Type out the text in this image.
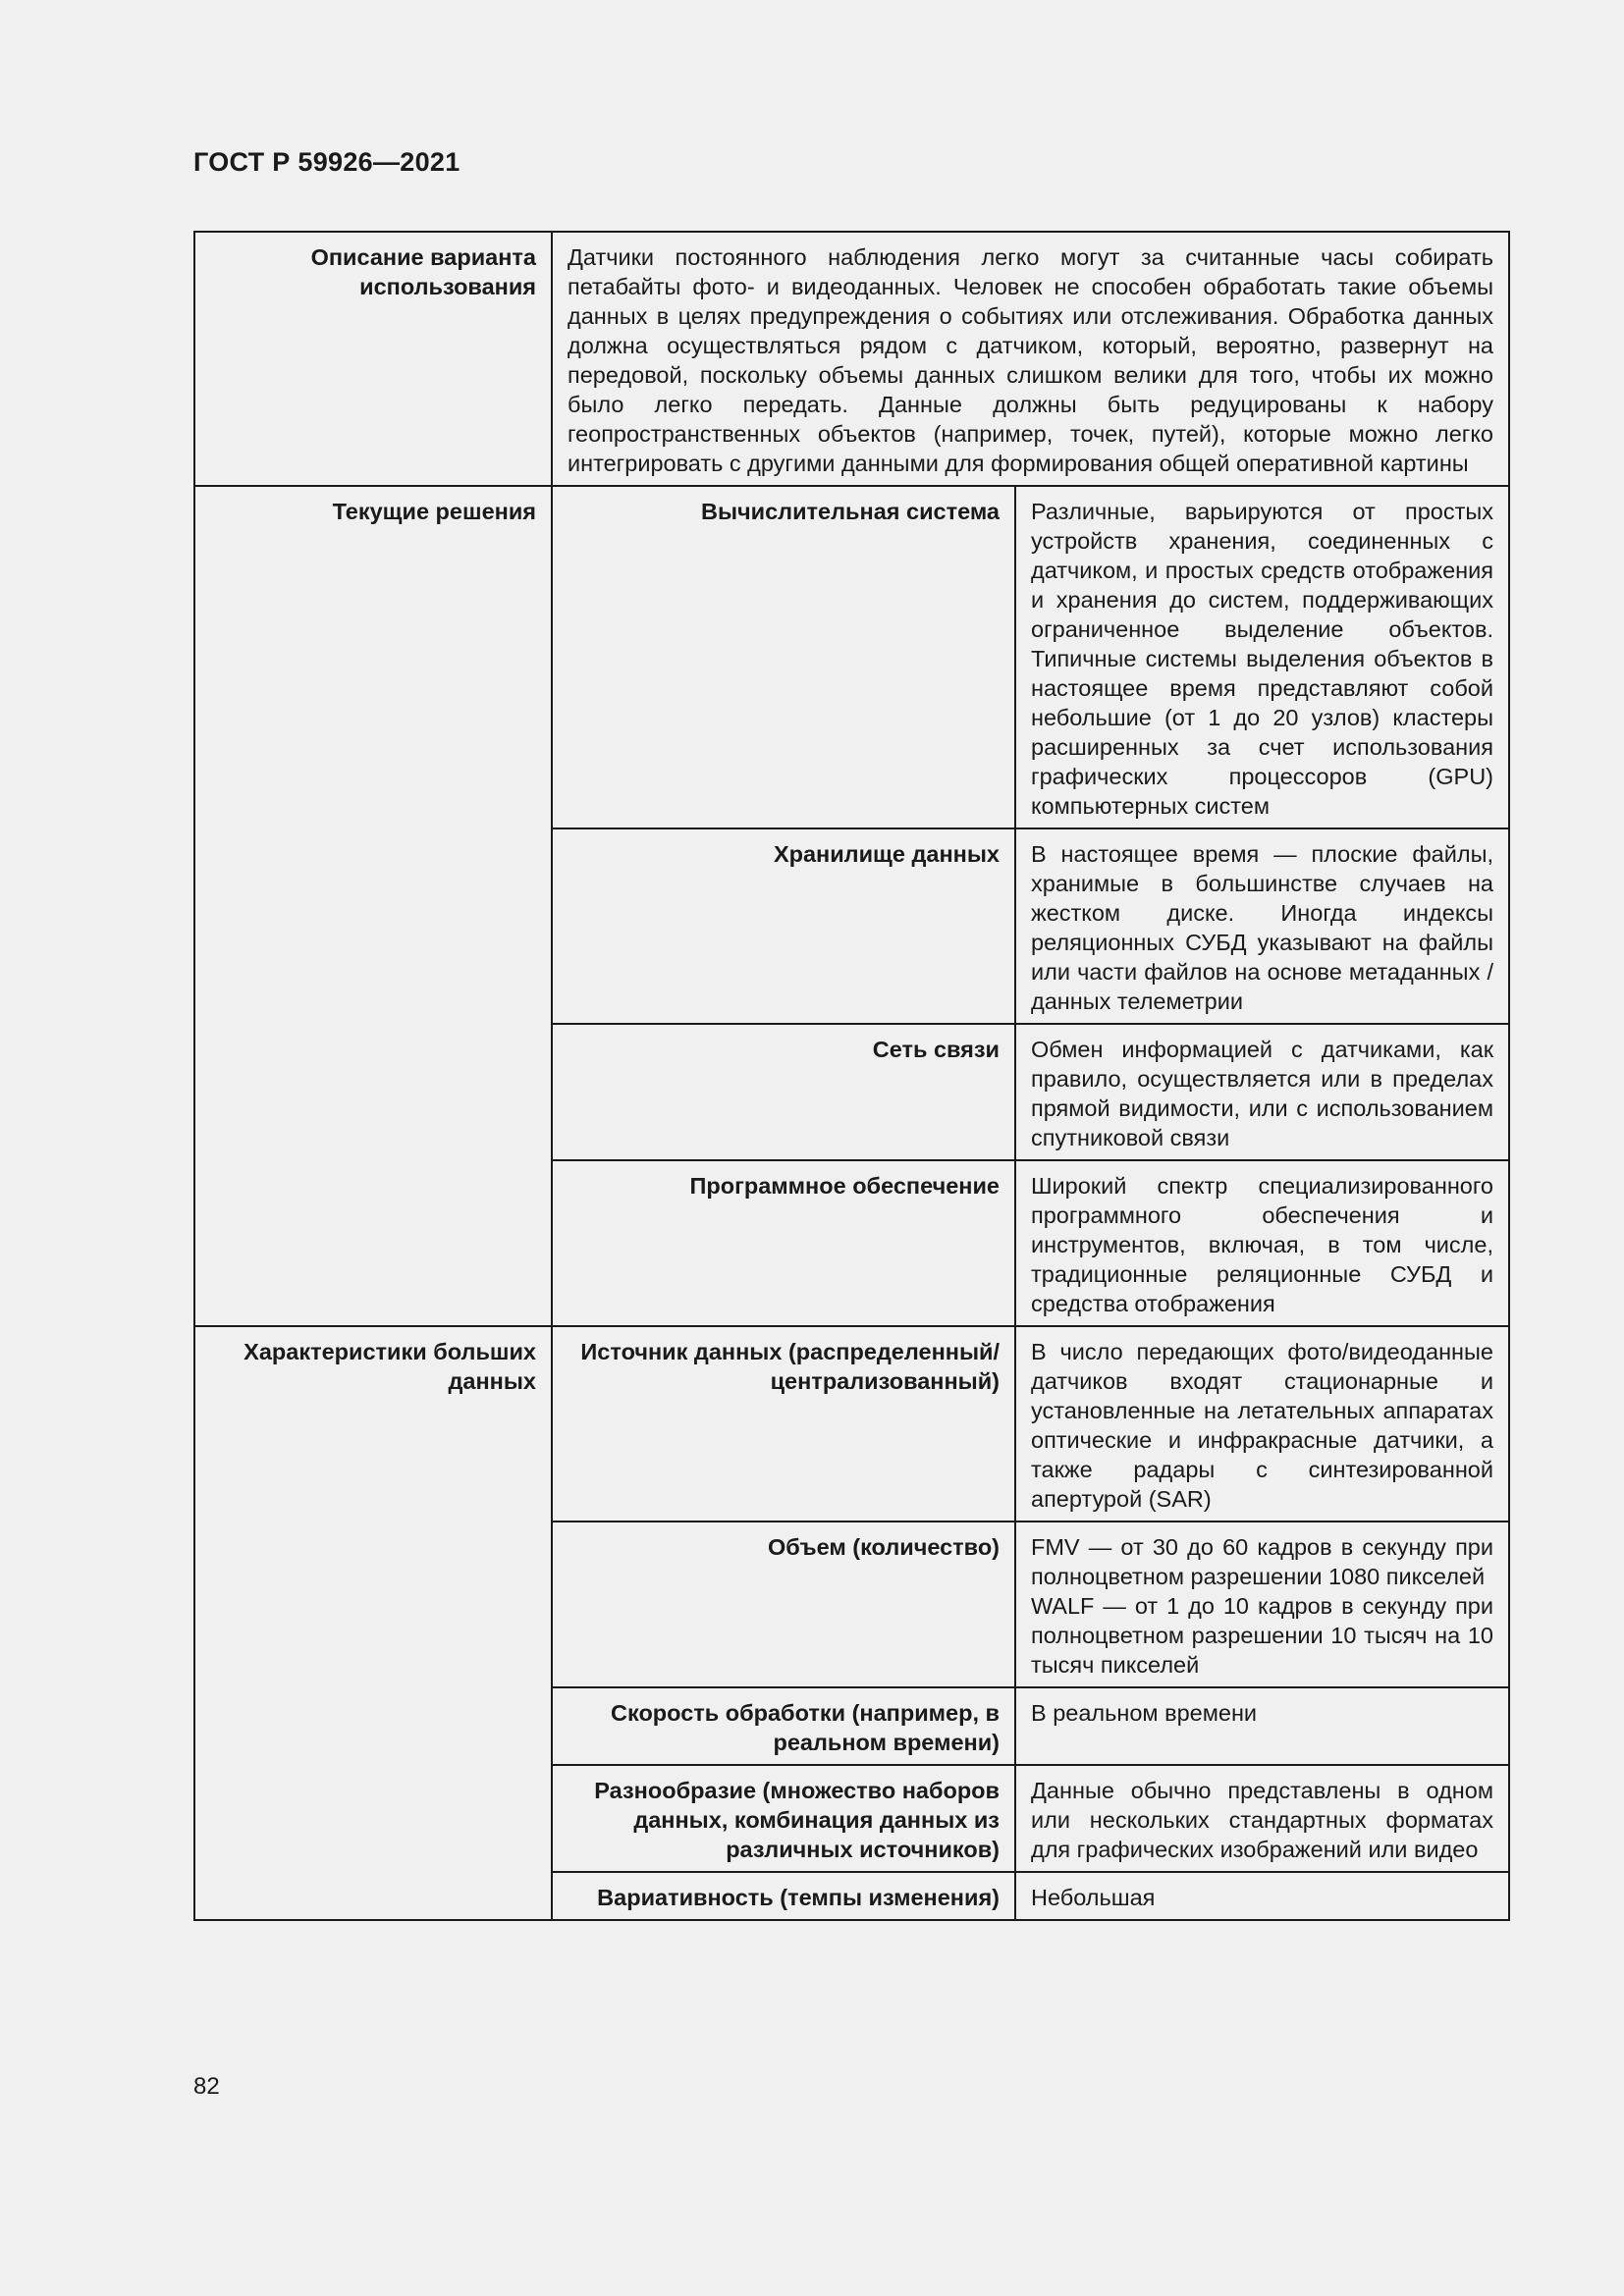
ГОСТ Р 59926—2021
Описание варианта использования	Датчики постоянного наблюдения легко могут за считанные часы собирать петабайты фото- и видеоданных. Человек не способен обработать такие объемы данных в целях предупреждения о событиях или отслеживания. Обработка данных должна осуществляться рядом с датчиком, который, вероятно, развернут на передовой, поскольку объемы данных слишком велики для того, чтобы их можно было легко передать. Данные должны быть редуцированы к набору геопространственных объектов (например, точек, путей), которые можно легко интегрировать с другими данными для формирования общей оперативной картины	
Текущие решения	Вычислительная система	Различные, варьируются от простых устройств хранения, соединенных с датчиком, и простых средств отображения и хранения до систем, поддерживающих ограниченное выделение объектов. Типичные системы выделения объектов в настоящее время представляют собой небольшие (от 1 до 20 узлов) кластеры расширенных за счет использования графических процессоров (GPU) компьютерных систем
	Хранилище данных	В настоящее время — плоские файлы, хранимые в большинстве случаев на жестком диске. Иногда индексы реляционных СУБД указывают на файлы или части файлов на основе метаданных / данных телеметрии
	Сеть связи	Обмен информацией с датчиками, как правило, осуществляется или в пределах прямой видимости, или с использованием спутниковой связи
	Программное обеспечение	Широкий спектр специализированного программного обеспечения и инструментов, включая, в том числе, традиционные реляционные СУБД и средства отображения
Характеристики больших данных	Источник данных (распределенный/ централизованный)	В число передающих фото/видеоданные датчиков входят стационарные и установленные на летательных аппаратах оптические и инфракрасные датчики, а также радары с синтезированной апертурой (SAR)
	Объем (количество)	FMV — от 30 до 60 кадров в секунду при полноцветном разрешении 1080 пикселей
WALF — от 1 до 10 кадров в секунду при полноцветном разрешении 10 тысяч на 10 тысяч пикселей
	Скорость обработки (например, в реальном времени)	В реальном времени
	Разнообразие (множество наборов данных, комбинация данных из различных источников)	Данные обычно представлены в одном или нескольких стандартных форматах для графических изображений или видео
	Вариативность (темпы изменения)	Небольшая
82
